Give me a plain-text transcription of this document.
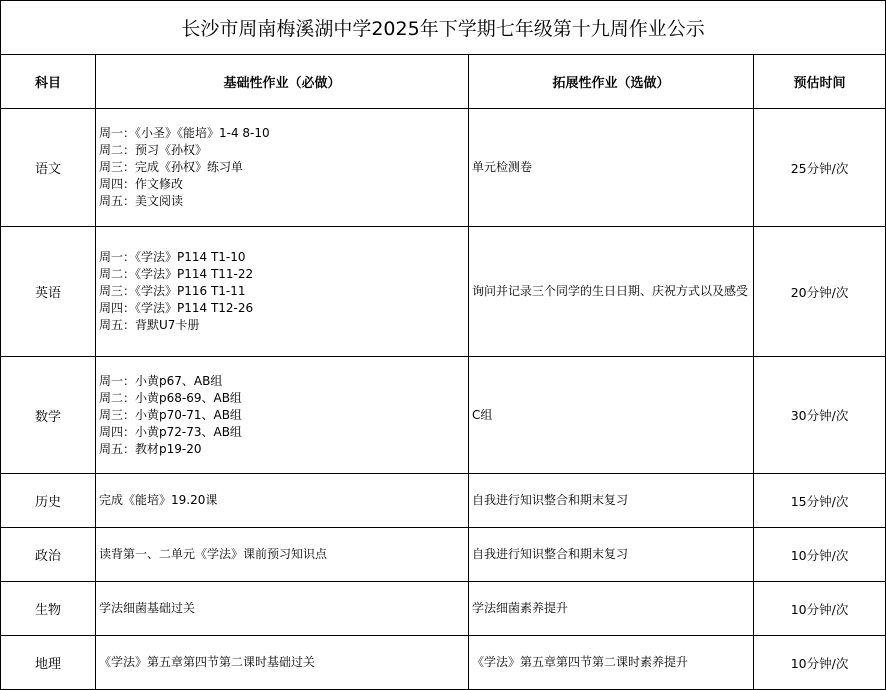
长沙市周南梅溪湖中学2025年下学期七年级第十九周作业公示			
科目	基础性作业（必做）	拓展性作业（选做）	预估时间
语文	周一：《小圣》《能培》1-4 8-10
周二：预习《孙权》
周三：完成《孙权》练习单
周四：作文修改
周五：美文阅读	单元检测卷	25分钟/次
英语	周一：《学法》P114 T1-10
周二：《学法》P114 T11-22
周三：《学法》P116 T1-11
周四：《学法》P114 T12-26
周五：背默U7卡册	询问并记录三个同学的生日日期、庆祝方式以及感受	20分钟/次
数学	周一：小黄p67、AB组
周二：小黄p68-69、AB组
周三：小黄p70-71、AB组
周四：小黄p72-73、AB组
周五：教材p19-20	C组	30分钟/次
历史	完成《能培》19.20课	自我进行知识整合和期末复习	15分钟/次
政治	读背第一、二单元《学法》课前预习知识点	自我进行知识整合和期末复习	10分钟/次
生物	学法细菌基础过关	学法细菌素养提升	10分钟/次
地理	《学法》第五章第四节第二课时基础过关	《学法》第五章第四节第二课时素养提升	10分钟/次
